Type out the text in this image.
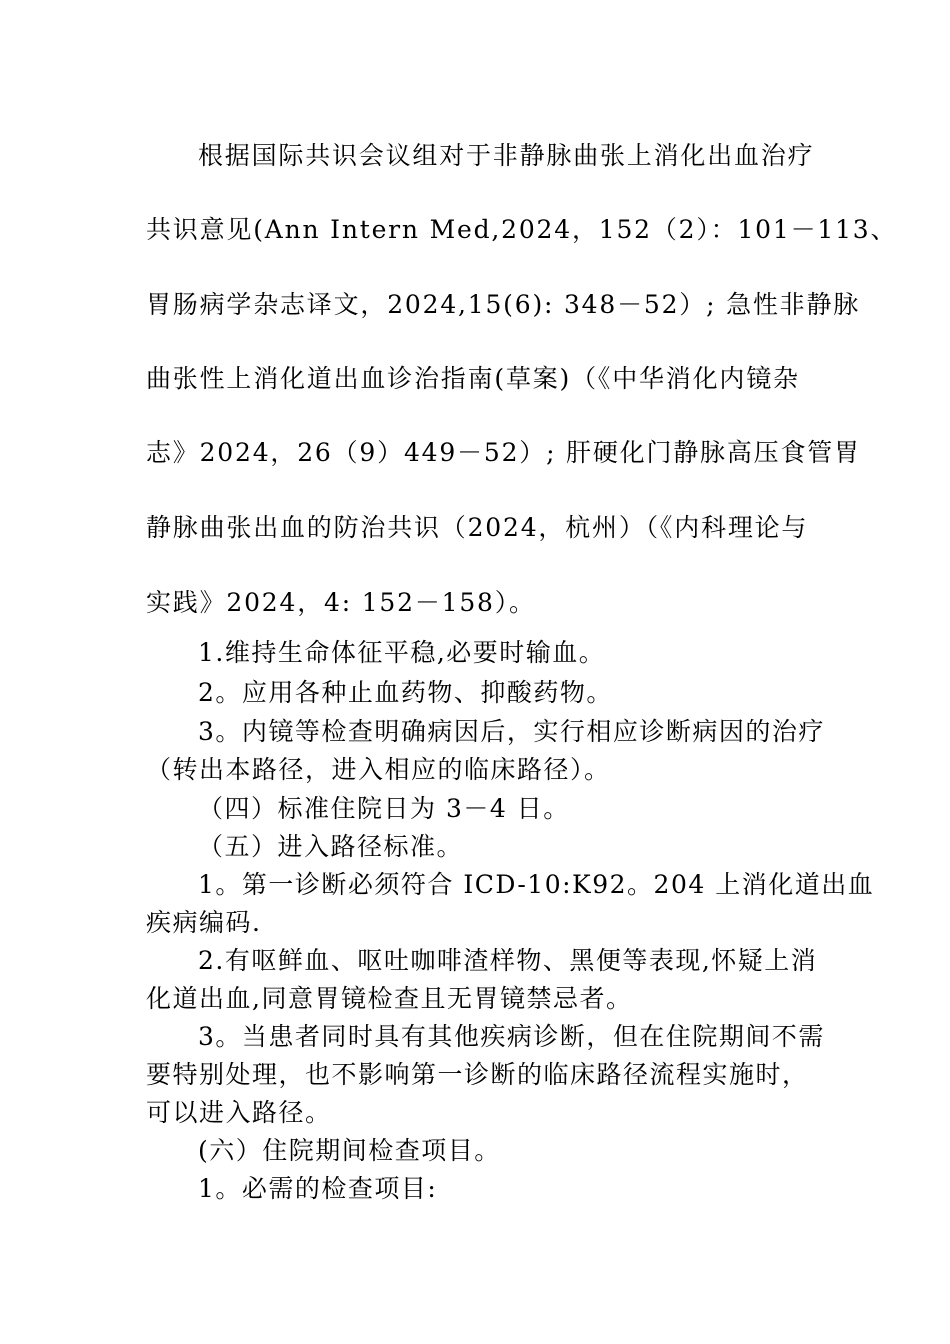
根据国际共识会议组对于非静脉曲张上消化出血治疗
共识意见(Ann Intern Med,2024，152（2）：101－113、
胃肠病学杂志译文，2024,15(6): 348－52）; 急性非静脉
曲张性上消化道出血诊治指南(草案)（《中华消化内镜杂
志》2024，26（9）449－52）; 肝硬化门静脉高压食管胃
静脉曲张出血的防治共识（2024，杭州）（《内科理论与
实践》2024，4: 152－158）。
1.维持生命体征平稳,必要时输血。
2。应用各种止血药物、抑酸药物。
3。内镜等检查明确病因后，实行相应诊断病因的治疗
（转出本路径，进入相应的临床路径）。
（四）标准住院日为 3－4 日。
（五）进入路径标准。
1。第一诊断必须符合 ICD-10:K92。204 上消化道出血
疾病编码.
2.有呕鲜血、呕吐咖啡渣样物、黑便等表现,怀疑上消
化道出血,同意胃镜检查且无胃镜禁忌者。
3。当患者同时具有其他疾病诊断，但在住院期间不需
要特别处理，也不影响第一诊断的临床路径流程实施时，
可以进入路径。
(六）住院期间检查项目。
1。必需的检查项目:
